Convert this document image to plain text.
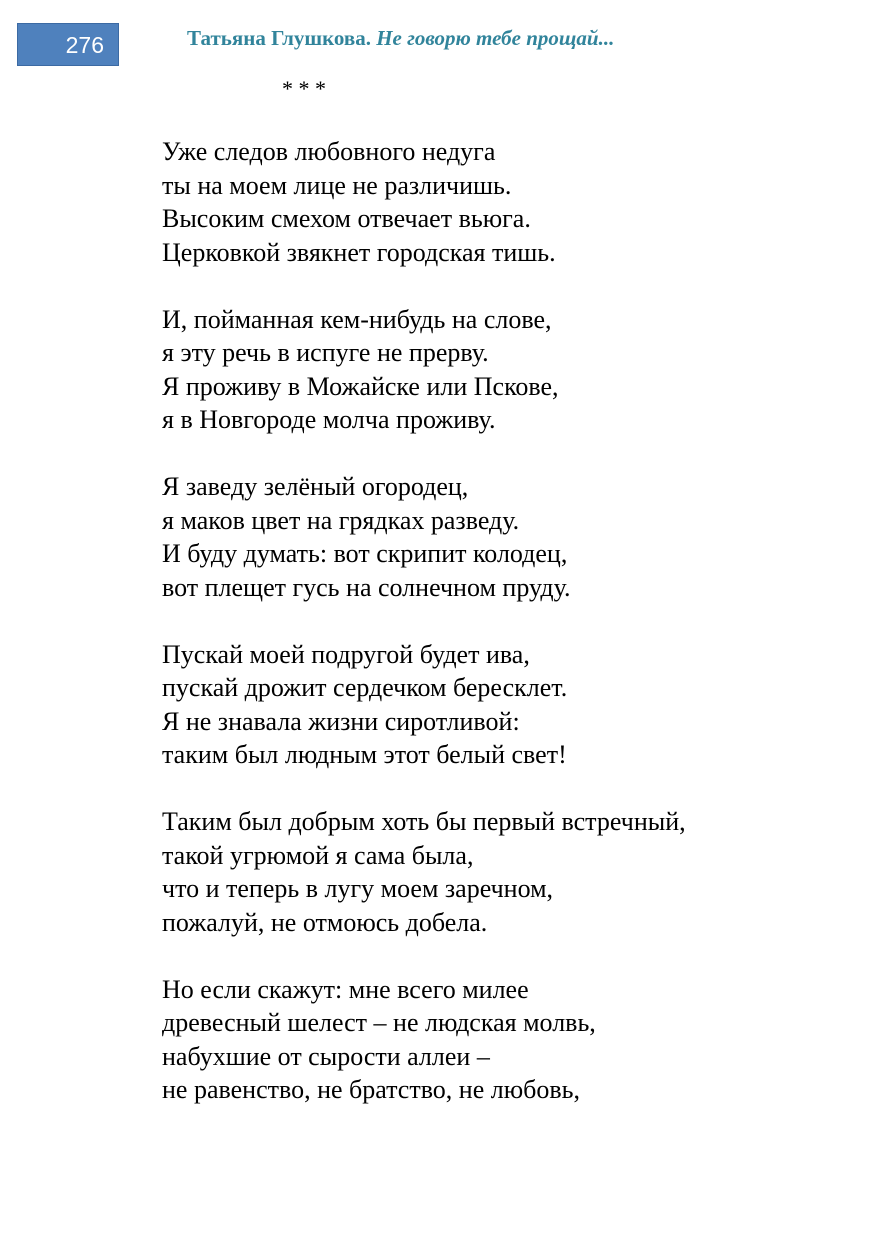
276	Татьяна Глушкова. Не говорю тебе прощай...
* * *
Уже следов любовного недуга
ты на моем лице не различишь.
Высоким смехом отвечает вьюга.
Церковкой звякнет городская тишь.
И, пойманная кем-нибудь на слове,
я эту речь в испуге не прерву.
Я проживу в Можайске или Пскове,
я в Новгороде молча проживу.
Я заведу зелёный огородец,
я маков цвет на грядках разведу.
И буду думать: вот скрипит колодец,
вот плещет гусь на солнечном пруду.
Пускай моей подругой будет ива,
пускай дрожит сердечком бересклет.
Я не знавала жизни сиротливой:
таким был людным этот белый свет!
Таким был добрым хоть бы первый встречный,
такой угрюмой я сама была,
что и теперь в лугу моем заречном,
пожалуй, не отмоюсь добела.
Но если скажут: мне всего милее
древесный шелест – не людская молвь,
набухшие от сырости аллеи –
не равенство, не братство, не любовь,
